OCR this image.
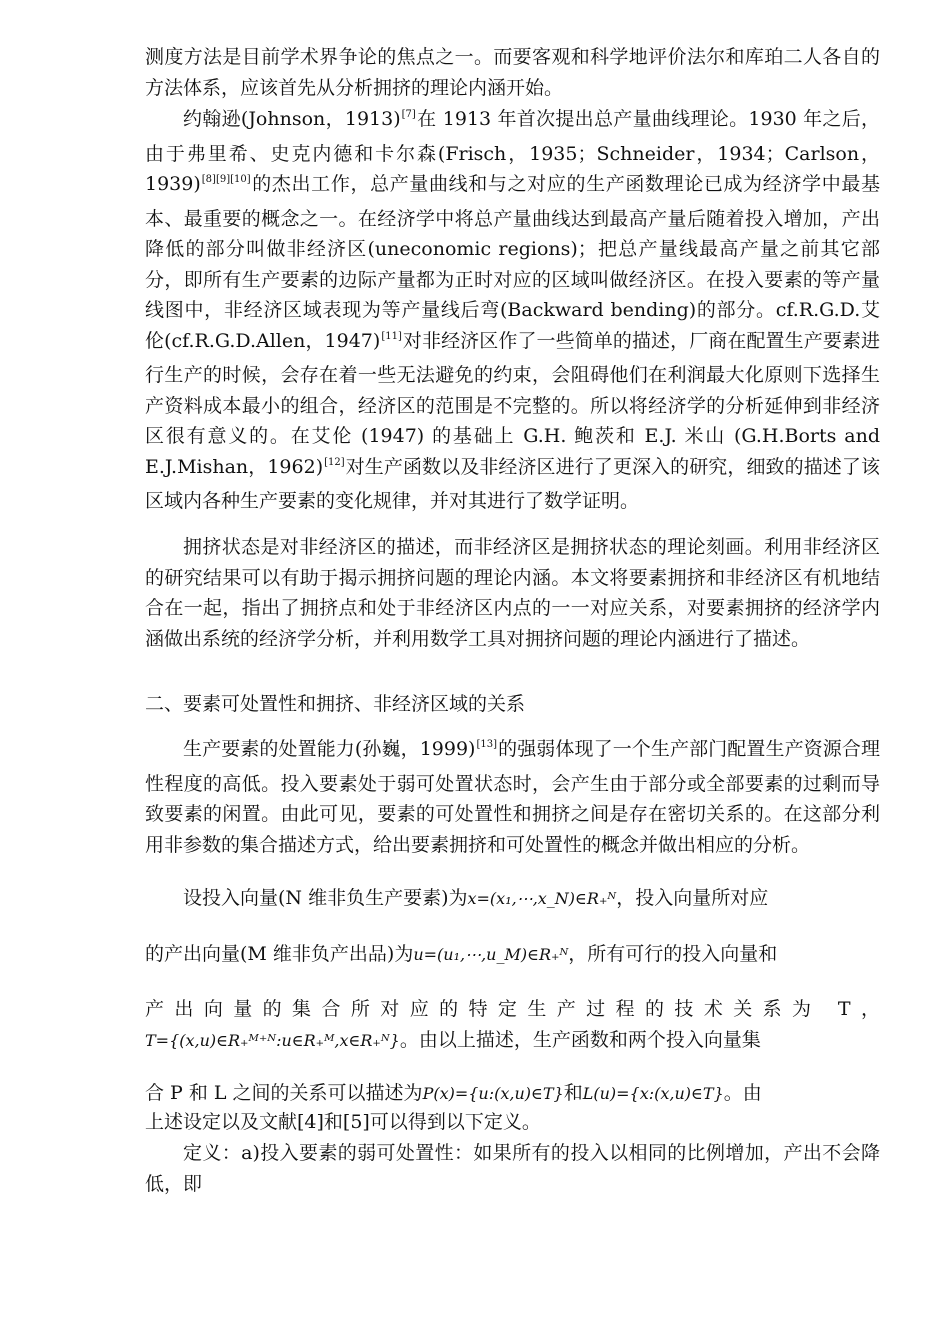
测度方法是目前学术界争论的焦点之一。而要客观和科学地评价法尔和库珀二人各自的方法体系，应该首先从分析拥挤的理论内涵开始。

约翰逊(Johnson，1913)[7]在 1913 年首次提出总产量曲线理论。1930 年之后，由于弗里希、史克内德和卡尔森(Frisch，1935；Schneider，1934；Carlson，1939)[8][9][10]的杰出工作，总产量曲线和与之对应的生产函数理论已成为经济学中最基本、最重要的概念之一。在经济学中将总产量曲线达到最高产量后随着投入增加，产出降低的部分叫做非经济区(uneconomic regions)；把总产量线最高产量之前其它部分，即所有生产要素的边际产量都为正时对应的区域叫做经济区。在投入要素的等产量线图中，非经济区域表现为等产量线后弯(Backward bending)的部分。cf.R.G.D.艾伦(cf.R.G.D.Allen，1947)[11]对非经济区作了一些简单的描述，厂商在配置生产要素进行生产的时候，会存在着一些无法避免的约束，会阻碍他们在利润最大化原则下选择生产资料成本最小的组合，经济区的范围是不完整的。所以将经济学的分析延伸到非经济区很有意义的。在艾伦 (1947) 的基础上 G.H. 鲍茨和 E.J. 米山 (G.H.Borts and E.J.Mishan，1962)[12]对生产函数以及非经济区进行了更深入的研究，细致的描述了该区域内各种生产要素的变化规律，并对其进行了数学证明。

拥挤状态是对非经济区的描述，而非经济区是拥挤状态的理论刻画。利用非经济区的研究结果可以有助于揭示拥挤问题的理论内涵。本文将要素拥挤和非经济区有机地结合在一起，指出了拥挤点和处于非经济区内点的一一对应关系，对要素拥挤的经济学内涵做出系统的经济学分析，并利用数学工具对拥挤问题的理论内涵进行了描述。

二、要素可处置性和拥挤、非经济区域的关系

生产要素的处置能力(孙巍，1999)[13]的强弱体现了一个生产部门配置生产资源合理性程度的高低。投入要素处于弱可处置状态时，会产生由于部分或全部要素的过剩而导致要素的闲置。由此可见，要素的可处置性和拥挤之间是存在密切关系的。在这部分利用非参数的集合描述方式，给出要素拥挤和可处置性的概念并做出相应的分析。

设投入向量(N 维非负生产要素)为x=(x₁,⋯,x_N)∈R₊ᴺ，投入向量所对应
的产出向量(M 维非负产出品)为u=(u₁,⋯,u_M)∈R₊ᴺ，所有可行的投入向量和
产出向量的集合所对应的特定生产过程的技术关系为 T，
T={(x,u)∈R₊ᴹ⁺ᴺ:u∈R₊ᴹ,x∈R₊ᴺ}。由以上描述，生产函数和两个投入向量集
合 P 和 L 之间的关系可以描述为P(x)={u:(x,u)∈T}和L(u)={x:(x,u)∈T}。由
上述设定以及文献[4]和[5]可以得到以下定义。

定义：a)投入要素的弱可处置性：如果所有的投入以相同的比例增加，产出不会降低，即
